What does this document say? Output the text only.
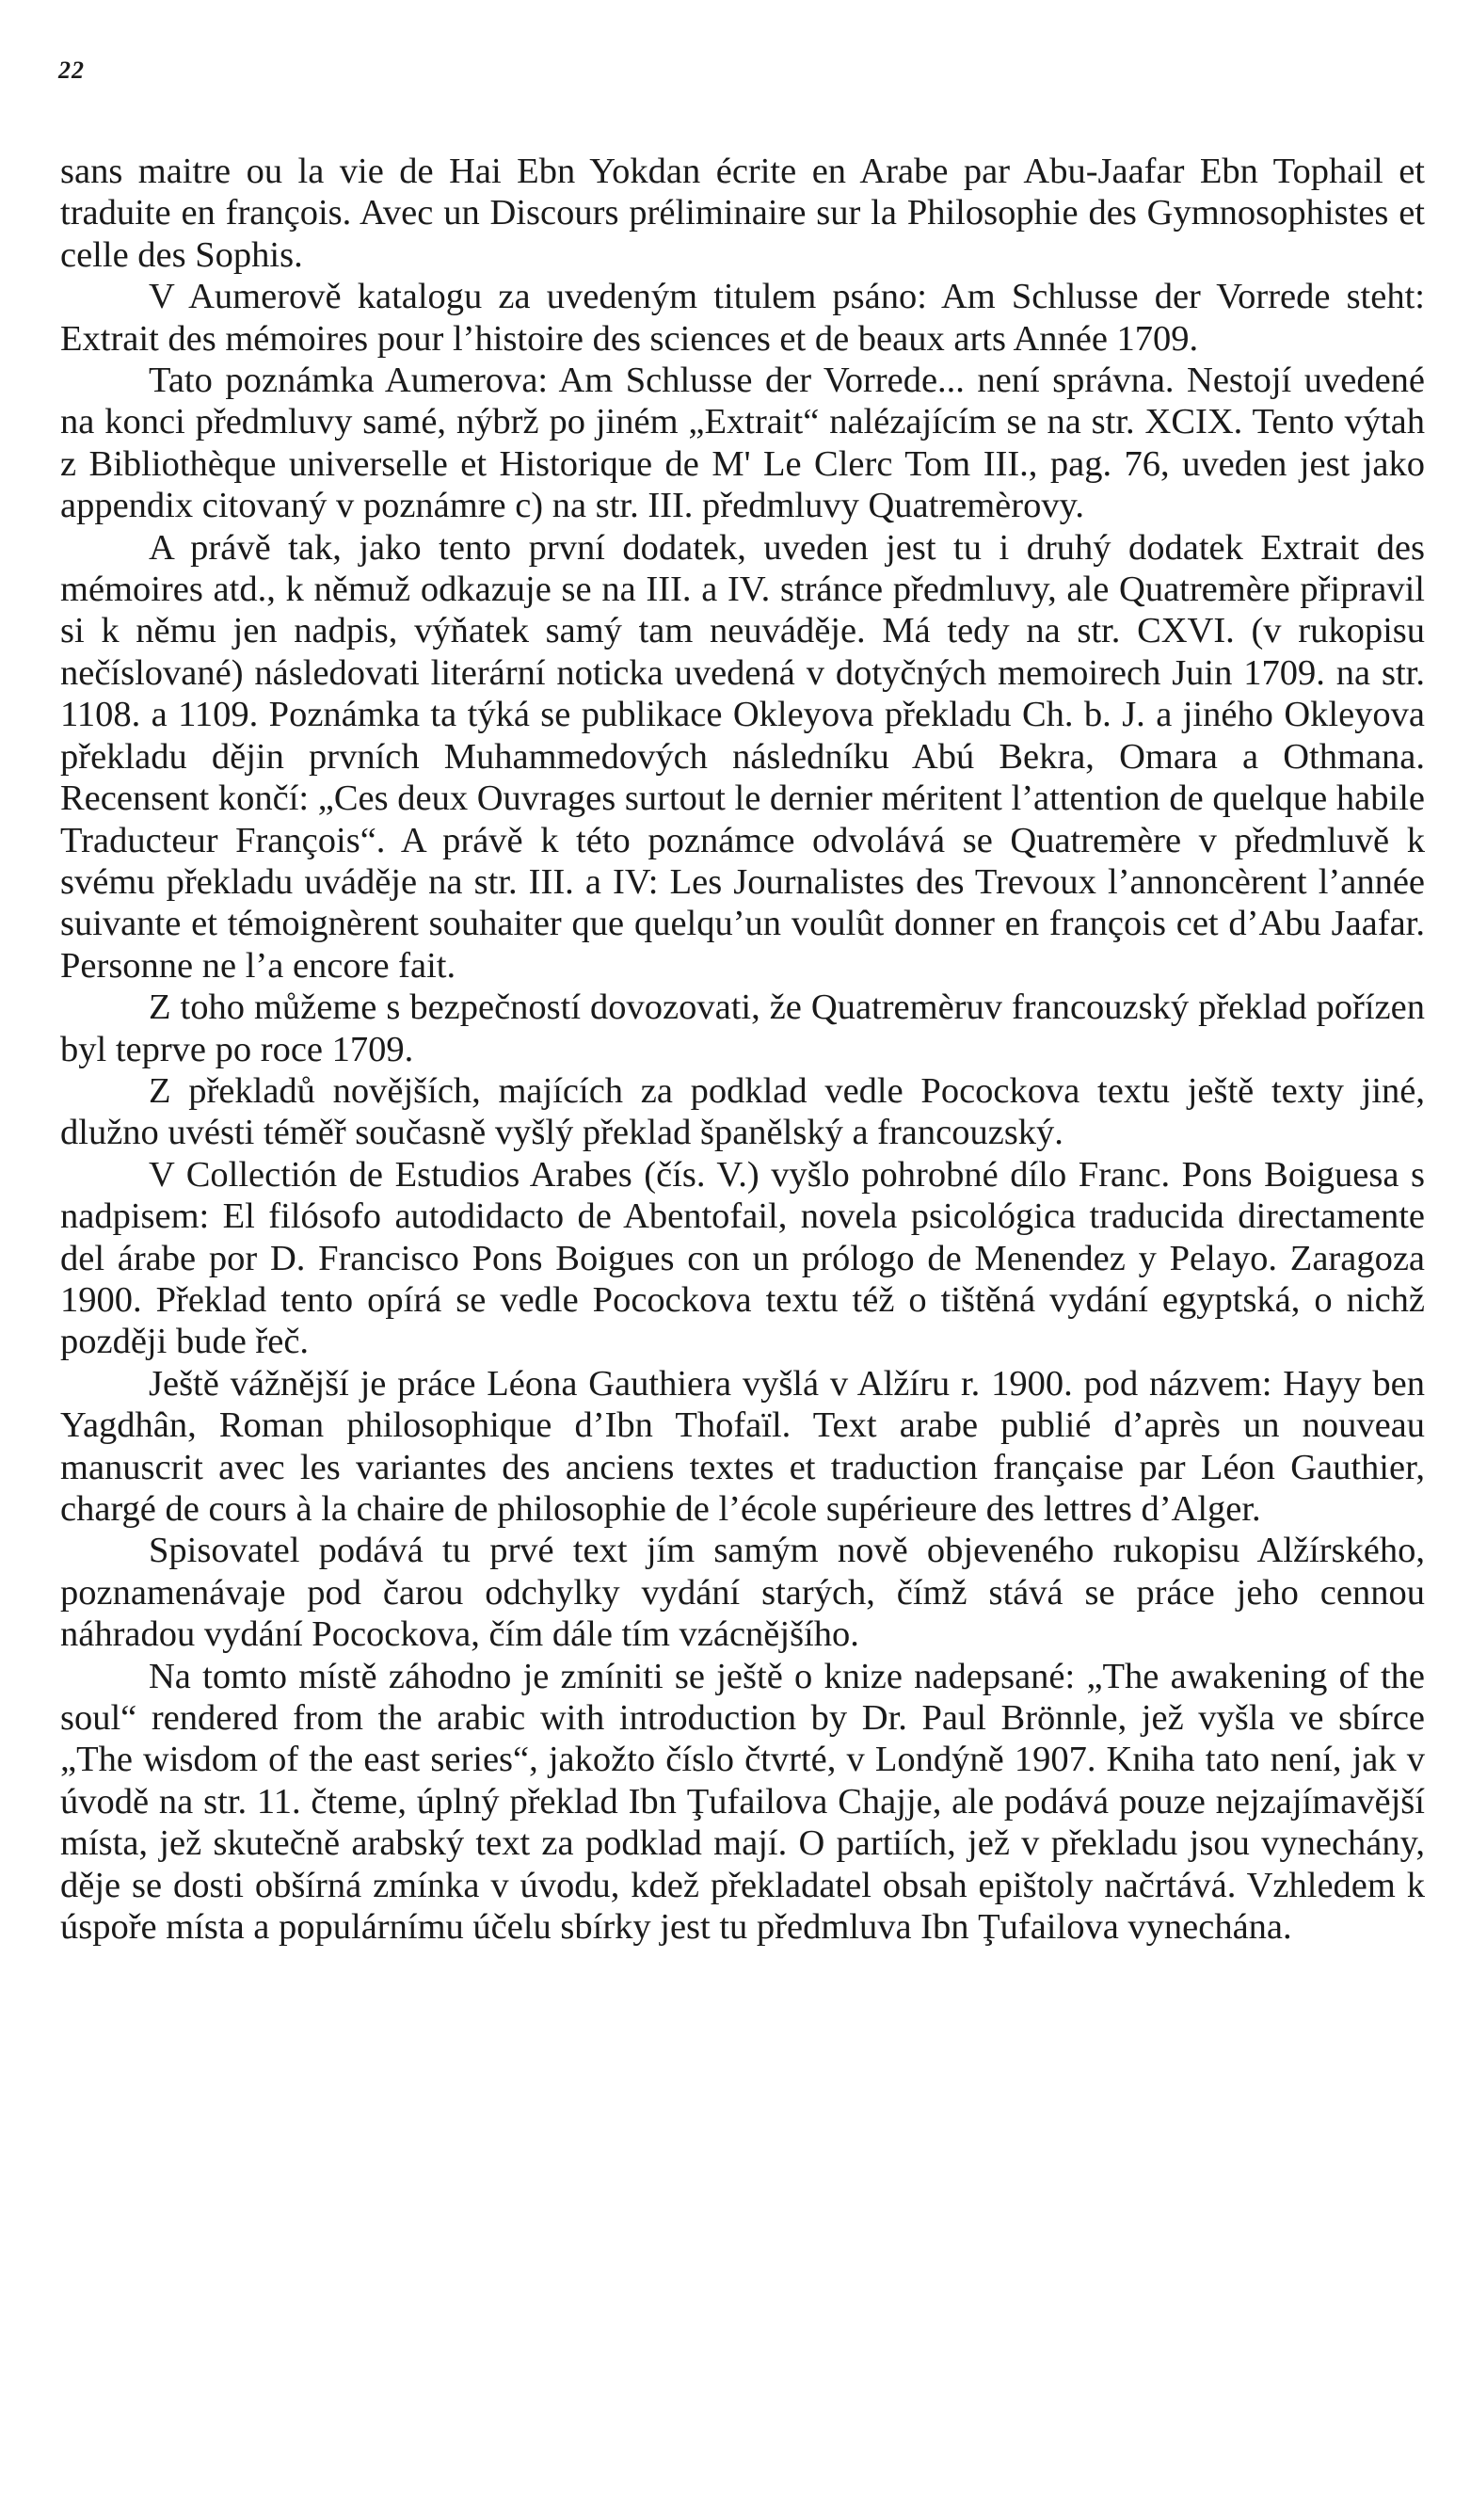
22

sans maitre ou la vie de Hai Ebn Yokdan écrite en Arabe par Abu-Jaafar Ebn Tophail et traduite en françois. Avec un Discours préliminaire sur la Philosophie des Gymnosophistes et celle des Sophis.

V Aumerově katalogu za uvedeným titulem psáno: Am Schlusse der Vorrede steht: Extrait des mémoires pour l’histoire des sciences et de beaux arts Année 1709.

Tato poznámka Aumerova: Am Schlusse der Vorrede... není správna. Nestojí uvedené na konci předmluvy samé, nýbrž po jiném „Extrait“ nalézajícím se na str. XCIX. Tento výtah z Bibliothèque universelle et Historique de M' Le Clerc Tom III., pag. 76, uveden jest jako appendix citovaný v poznámre c) na str. III. předmluvy Quatremèrovy.

A právě tak, jako tento první dodatek, uveden jest tu i druhý dodatek Extrait des mémoires atd., k němuž odkazuje se na III. a IV. stránce předmluvy, ale Quatremère připravil si k němu jen nadpis, výňatek samý tam neuváděje. Má tedy na str. CXVI. (v rukopisu nečíslované) následovati literární noticka uvedená v dotyčných memoirech Juin 1709. na str. 1108. a 1109. Poznámka ta týká se publikace Okleyova překladu Ch. b. J. a jiného Okleyova překladu dějin prvních Muhammedových následníku Abú Bekra, Omara a Othmana. Recensent končí: „Ces deux Ouvrages surtout le dernier méritent l’attention de quelque habile Traducteur François“. A právě k této poznámce odvolává se Quatremère v předmluvě k svému překladu uváděje na str. III. a IV: Les Journalistes des Trevoux l’annoncèrent l’année suivante et témoignèrent souhaiter que quelqu’un voulût donner en françois cet d’Abu Jaafar. Personne ne l’a encore fait.

Z toho můžeme s bezpečností dovozovati, že Quatremèruv francouzský překlad pořízen byl teprve po roce 1709.

Z překladů novějších, majících za podklad vedle Pocockova textu ještě texty jiné, dlužno uvésti téměř současně vyšlý překlad španělský a francouzský.

V Collectión de Estudios Arabes (čís. V.) vyšlo pohrobné dílo Franc. Pons Boiguesa s nadpisem: El filósofo autodidacto de Abentofail, novela psicológica traducida directamente del árabe por D. Francisco Pons Boigues con un prólogo de Menendez y Pelayo. Zaragoza 1900. Překlad tento opírá se vedle Pocockova textu též o tištěná vydání egyptská, o nichž později bude řeč.

Ještě vážnější je práce Léona Gauthiera vyšlá v Alžíru r. 1900. pod názvem: Hayy ben Yagdhân, Roman philosophique d’Ibn Thofaïl. Text arabe publié d’après un nouveau manuscrit avec les variantes des anciens textes et traduction française par Léon Gauthier, chargé de cours à la chaire de philosophie de l’école supérieure des lettres d’Alger.

Spisovatel podává tu prvé text jím samým nově objeveného rukopisu Alžírského, poznamenávaje pod čarou odchylky vydání starých, čímž stává se práce jeho cennou náhradou vydání Pocockova, čím dále tím vzácnějšího.

Na tomto místě záhodno je zmíniti se ještě o knize nadepsané: „The awakening of the soul“ rendered from the arabic with introduction by Dr. Paul Brönnle, jež vyšla ve sbírce „The wisdom of the east series“, jakožto číslo čtvrté, v Londýně 1907. Kniha tato není, jak v úvodě na str. 11. čteme, úplný překlad Ibn Ţufailova Chajje, ale podává pouze nejzajímavější místa, jež skutečně arabský text za podklad mají. O partiích, jež v překladu jsou vynechány, děje se dosti obšírná zmínka v úvodu, kdež překladatel obsah epištoly načrtává. Vzhledem k úspoře místa a populárnímu účelu sbírky jest tu předmluva Ibn Ţufailova vynechána.
